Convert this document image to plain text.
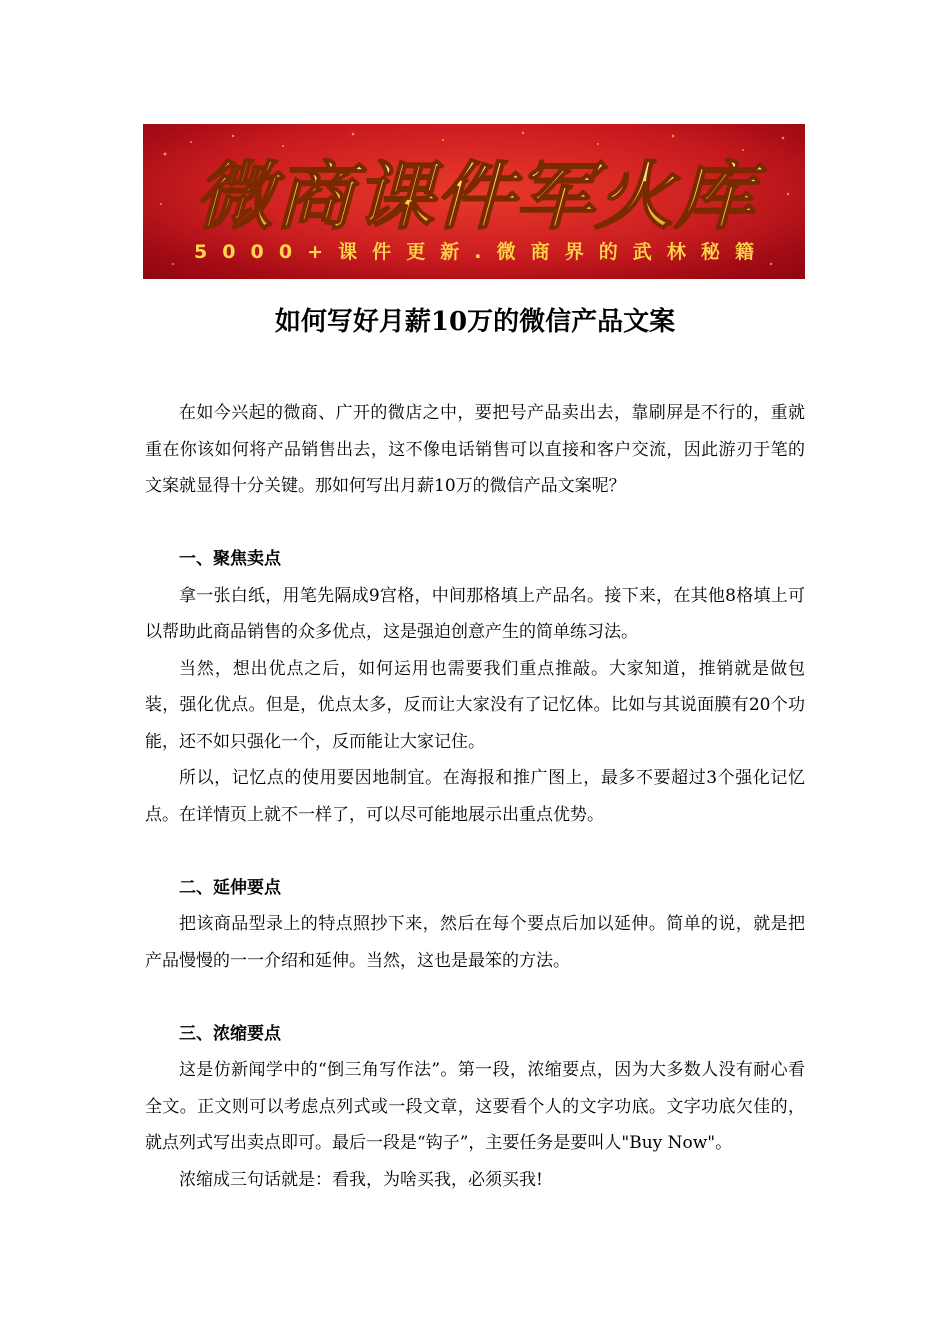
微商课件军火库
5000+课件更新.微商界的武林秘籍
如何写好月薪10万的微信产品文案

在如今兴起的微商、广开的微店之中，要把号产品卖出去，靠刷屏是不行的，重就重在你该如何将产品销售出去，这不像电话销售可以直接和客户交流，因此游刃于笔的文案就显得十分关键。那如何写出月薪10万的微信产品文案呢？

一、聚焦卖点

拿一张白纸，用笔先隔成9宫格，中间那格填上产品名。接下来，在其他8格填上可以帮助此商品销售的众多优点，这是强迫创意产生的简单练习法。

当然，想出优点之后，如何运用也需要我们重点推敲。大家知道，推销就是做包装，强化优点。但是，优点太多，反而让大家没有了记忆体。比如与其说面膜有20个功能，还不如只强化一个，反而能让大家记住。

所以，记忆点的使用要因地制宜。在海报和推广图上，最多不要超过3个强化记忆点。在详情页上就不一样了，可以尽可能地展示出重点优势。

二、延伸要点

把该商品型录上的特点照抄下来，然后在每个要点后加以延伸。简单的说，就是把产品慢慢的一一介绍和延伸。当然，这也是最笨的方法。

三、浓缩要点

这是仿新闻学中的“倒三角写作法”。第一段，浓缩要点，因为大多数人没有耐心看全文。正文则可以考虑点列式或一段文章，这要看个人的文字功底。文字功底欠佳的，就点列式写出卖点即可。最后一段是“钩子”，主要任务是要叫人"Buy Now"。

浓缩成三句话就是：看我，为啥买我，必须买我!
